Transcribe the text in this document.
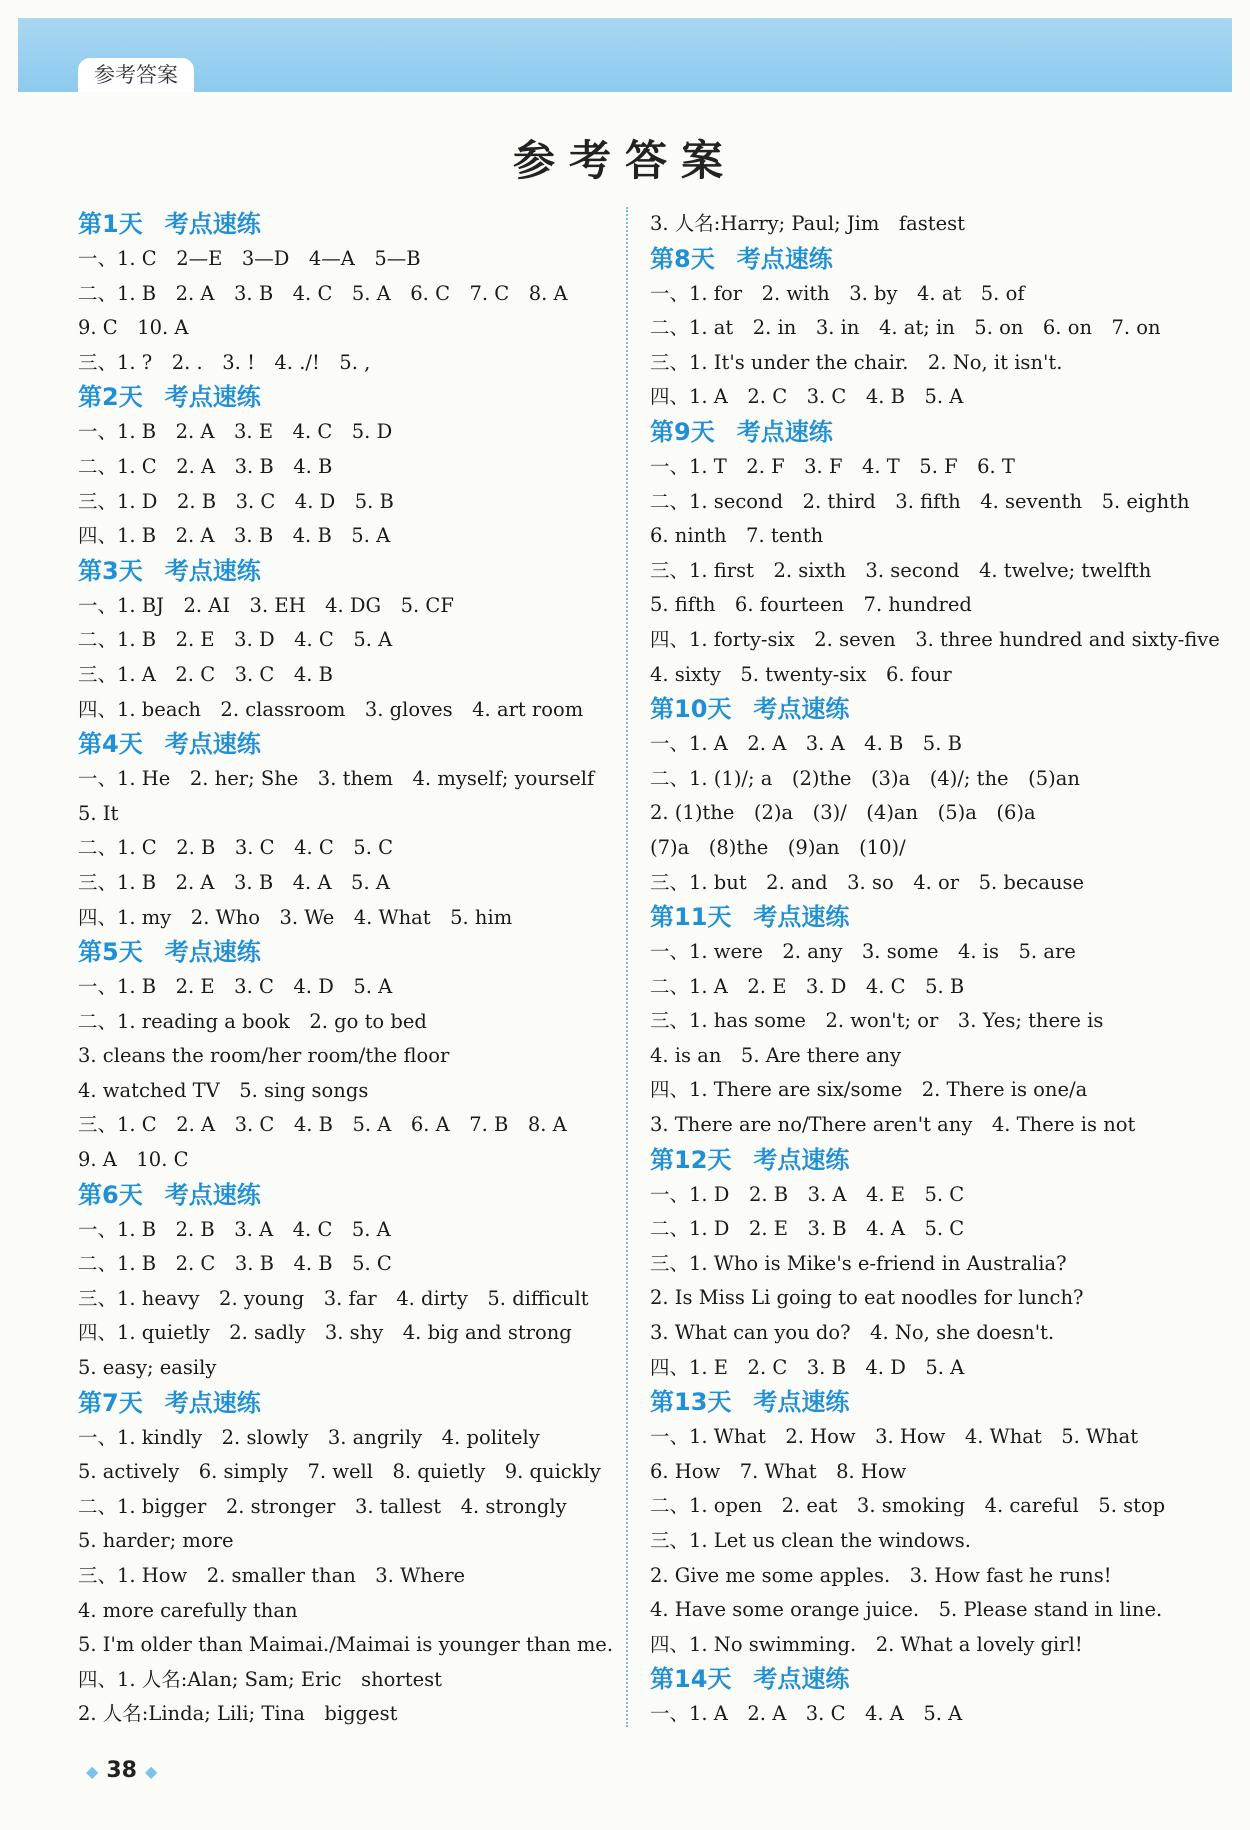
参考答案
参考答案
第1天 考点速练
一、1. C　2—E　3—D　4—A　5—B
二、1. B　2. A　3. B　4. C　5. A　6. C　7. C　8. A
9. C　10. A
三、1. ?　2. .　3. !　4. ./!　5. ,
第2天 考点速练
一、1. B　2. A　3. E　4. C　5. D
二、1. C　2. A　3. B　4. B
三、1. D　2. B　3. C　4. D　5. B
四、1. B　2. A　3. B　4. B　5. A
第3天 考点速练
一、1. BJ　2. AI　3. EH　4. DG　5. CF
二、1. B　2. E　3. D　4. C　5. A
三、1. A　2. C　3. C　4. B
四、1. beach　2. classroom　3. gloves　4. art room
第4天 考点速练
一、1. He　2. her; She　3. them　4. myself; yourself
5. It
二、1. C　2. B　3. C　4. C　5. C
三、1. B　2. A　3. B　4. A　5. A
四、1. my　2. Who　3. We　4. What　5. him
第5天 考点速练
一、1. B　2. E　3. C　4. D　5. A
二、1. reading a book　2. go to bed
3. cleans the room/her room/the floor
4. watched TV　5. sing songs
三、1. C　2. A　3. C　4. B　5. A　6. A　7. B　8. A
9. A　10. C
第6天 考点速练
一、1. B　2. B　3. A　4. C　5. A
二、1. B　2. C　3. B　4. B　5. C
三、1. heavy　2. young　3. far　4. dirty　5. difficult
四、1. quietly　2. sadly　3. shy　4. big and strong
5. easy; easily
第7天 考点速练
一、1. kindly　2. slowly　3. angrily　4. politely
5. actively　6. simply　7. well　8. quietly　9. quickly
二、1. bigger　2. stronger　3. tallest　4. strongly
5. harder; more
三、1. How　2. smaller than　3. Where
4. more carefully than
5. I'm older than Maimai./Maimai is younger than me.
四、1. 人名:Alan; Sam; Eric　shortest
2. 人名:Linda; Lili; Tina　biggest
3. 人名:Harry; Paul; Jim　fastest
第8天 考点速练
一、1. for　2. with　3. by　4. at　5. of
二、1. at　2. in　3. in　4. at; in　5. on　6. on　7. on
三、1. It's under the chair.　2. No, it isn't.
四、1. A　2. C　3. C　4. B　5. A
第9天 考点速练
一、1. T　2. F　3. F　4. T　5. F　6. T
二、1. second　2. third　3. fifth　4. seventh　5. eighth
6. ninth　7. tenth
三、1. first　2. sixth　3. second　4. twelve; twelfth
5. fifth　6. fourteen　7. hundred
四、1. forty-six　2. seven　3. three hundred and sixty-five
4. sixty　5. twenty-six　6. four
第10天 考点速练
一、1. A　2. A　3. A　4. B　5. B
二、1. (1)/; a　(2)the　(3)a　(4)/; the　(5)an
2. (1)the　(2)a　(3)/　(4)an　(5)a　(6)a
(7)a　(8)the　(9)an　(10)/
三、1. but　2. and　3. so　4. or　5. because
第11天 考点速练
一、1. were　2. any　3. some　4. is　5. are
二、1. A　2. E　3. D　4. C　5. B
三、1. has some　2. won't; or　3. Yes; there is
4. is an　5. Are there any
四、1. There are six/some　2. There is one/a
3. There are no/There aren't any　4. There is not
第12天 考点速练
一、1. D　2. B　3. A　4. E　5. C
二、1. D　2. E　3. B　4. A　5. C
三、1. Who is Mike's e-friend in Australia?
2. Is Miss Li going to eat noodles for lunch?
3. What can you do?　4. No, she doesn't.
四、1. E　2. C　3. B　4. D　5. A
第13天 考点速练
一、1. What　2. How　3. How　4. What　5. What
6. How　7. What　8. How
二、1. open　2. eat　3. smoking　4. careful　5. stop
三、1. Let us clean the windows.
2. Give me some apples.　3. How fast he runs!
4. Have some orange juice.　5. Please stand in line.
四、1. No swimming.　2. What a lovely girl!
第14天 考点速练
一、1. A　2. A　3. C　4. A　5. A
◆ 38 ◆
